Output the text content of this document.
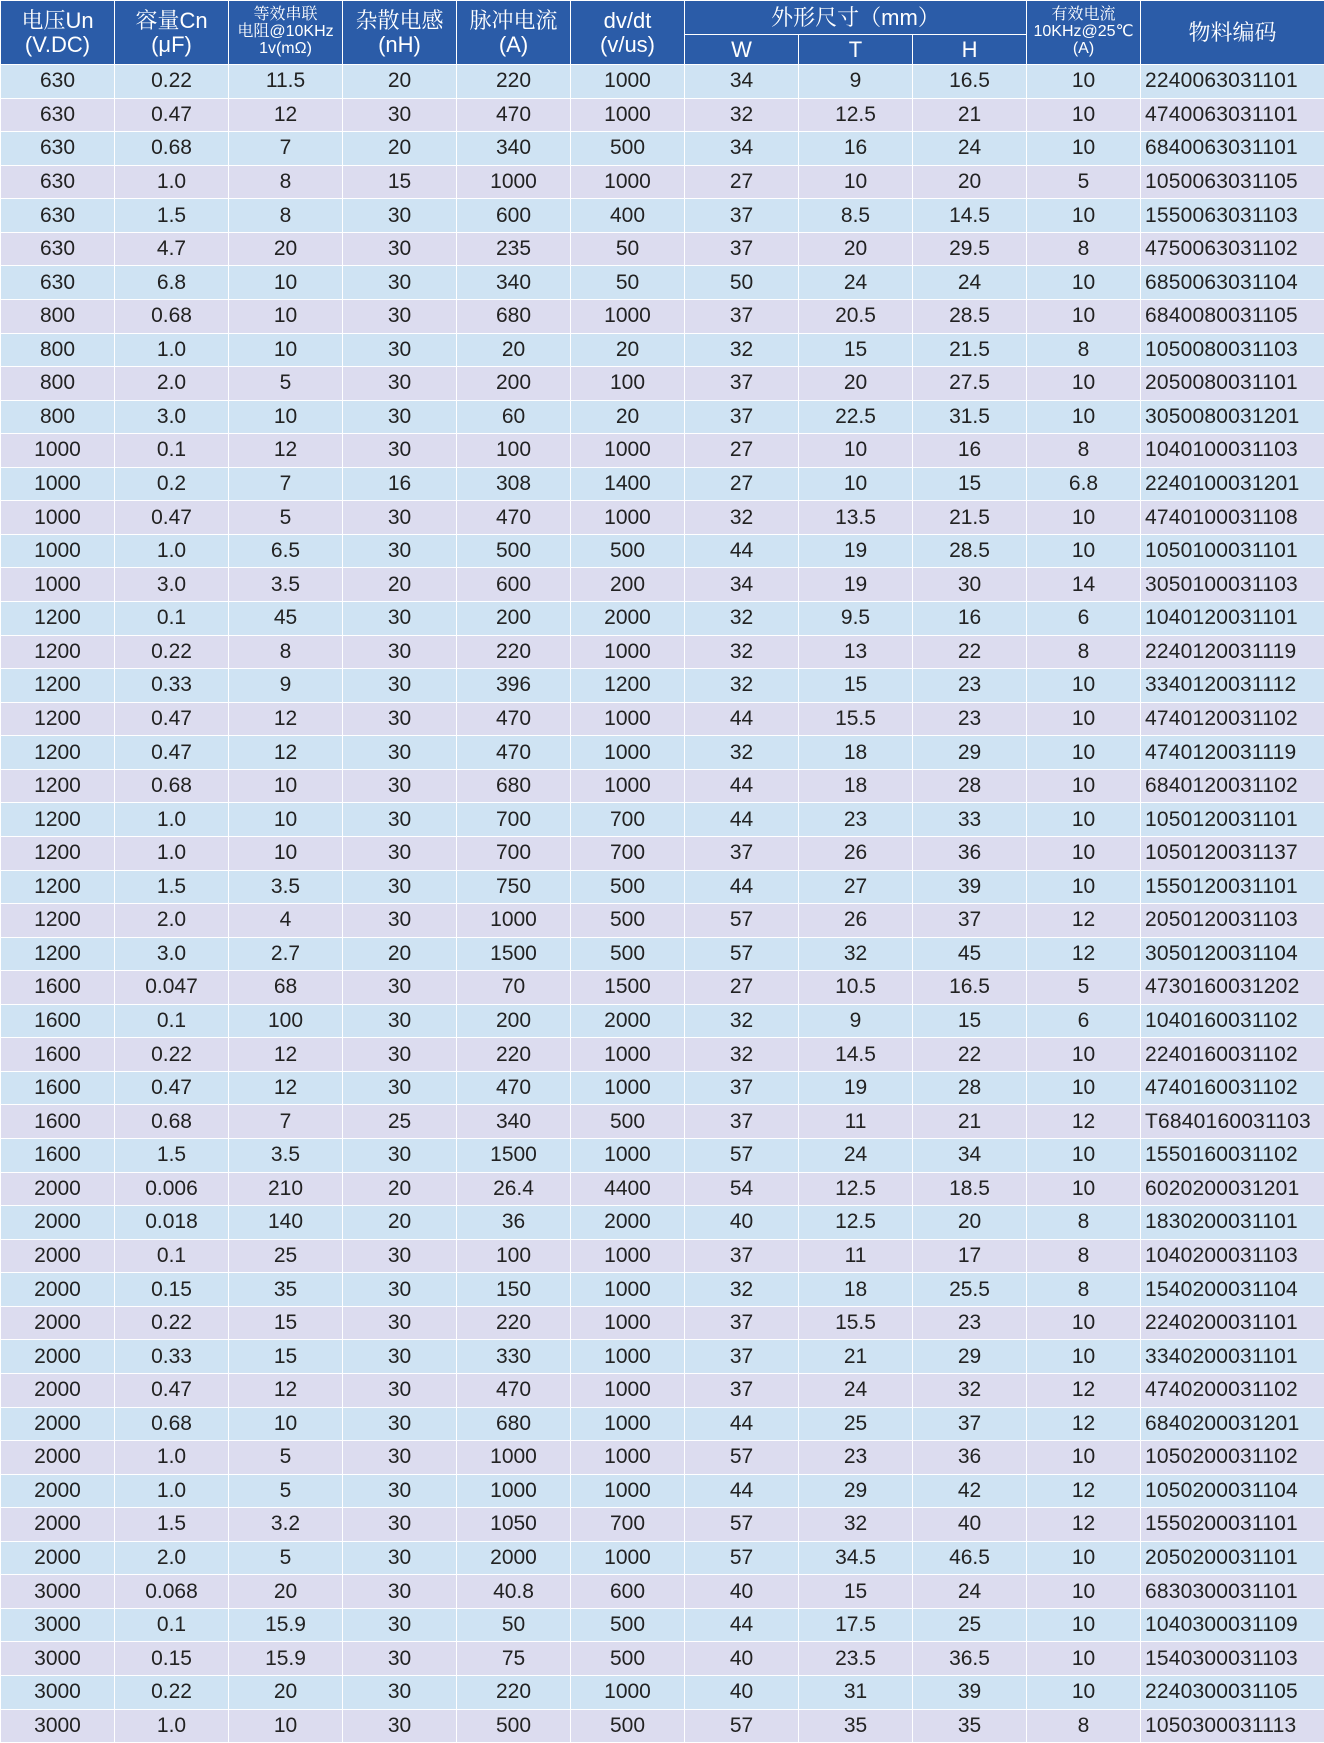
电压Un
(V.DC)	容量Cn
(μF)	等效串联
电阻@10KHz
1v(mΩ)	杂散电感
(nH)	脉冲电流
(A)	dv/dt
(v/us)	外形尺寸（mm）			有效电流
10KHz@25℃
(A)	物料编码
						W	T	H		
630	0.22	11.5	20	220	1000	34	9	16.5	10	2240063031101
630	0.47	12	30	470	1000	32	12.5	21	10	4740063031101
630	0.68	7	20	340	500	34	16	24	10	6840063031101
630	1.0	8	15	1000	1000	27	10	20	5	1050063031105
630	1.5	8	30	600	400	37	8.5	14.5	10	1550063031103
630	4.7	20	30	235	50	37	20	29.5	8	4750063031102
630	6.8	10	30	340	50	50	24	24	10	6850063031104
800	0.68	10	30	680	1000	37	20.5	28.5	10	6840080031105
800	1.0	10	30	20	20	32	15	21.5	8	1050080031103
800	2.0	5	30	200	100	37	20	27.5	10	2050080031101
800	3.0	10	30	60	20	37	22.5	31.5	10	3050080031201
1000	0.1	12	30	100	1000	27	10	16	8	1040100031103
1000	0.2	7	16	308	1400	27	10	15	6.8	2240100031201
1000	0.47	5	30	470	1000	32	13.5	21.5	10	4740100031108
1000	1.0	6.5	30	500	500	44	19	28.5	10	1050100031101
1000	3.0	3.5	20	600	200	34	19	30	14	3050100031103
1200	0.1	45	30	200	2000	32	9.5	16	6	1040120031101
1200	0.22	8	30	220	1000	32	13	22	8	2240120031119
1200	0.33	9	30	396	1200	32	15	23	10	3340120031112
1200	0.47	12	30	470	1000	44	15.5	23	10	4740120031102
1200	0.47	12	30	470	1000	32	18	29	10	4740120031119
1200	0.68	10	30	680	1000	44	18	28	10	6840120031102
1200	1.0	10	30	700	700	44	23	33	10	1050120031101
1200	1.0	10	30	700	700	37	26	36	10	1050120031137
1200	1.5	3.5	30	750	500	44	27	39	10	1550120031101
1200	2.0	4	30	1000	500	57	26	37	12	2050120031103
1200	3.0	2.7	20	1500	500	57	32	45	12	3050120031104
1600	0.047	68	30	70	1500	27	10.5	16.5	5	4730160031202
1600	0.1	100	30	200	2000	32	9	15	6	1040160031102
1600	0.22	12	30	220	1000	32	14.5	22	10	2240160031102
1600	0.47	12	30	470	1000	37	19	28	10	4740160031102
1600	0.68	7	25	340	500	37	11	21	12	T6840160031103
1600	1.5	3.5	30	1500	1000	57	24	34	10	1550160031102
2000	0.006	210	20	26.4	4400	54	12.5	18.5	10	6020200031201
2000	0.018	140	20	36	2000	40	12.5	20	8	1830200031101
2000	0.1	25	30	100	1000	37	11	17	8	1040200031103
2000	0.15	35	30	150	1000	32	18	25.5	8	1540200031104
2000	0.22	15	30	220	1000	37	15.5	23	10	2240200031101
2000	0.33	15	30	330	1000	37	21	29	10	3340200031101
2000	0.47	12	30	470	1000	37	24	32	12	4740200031102
2000	0.68	10	30	680	1000	44	25	37	12	6840200031201
2000	1.0	5	30	1000	1000	57	23	36	10	1050200031102
2000	1.0	5	30	1000	1000	44	29	42	12	1050200031104
2000	1.5	3.2	30	1050	700	57	32	40	12	1550200031101
2000	2.0	5	30	2000	1000	57	34.5	46.5	10	2050200031101
3000	0.068	20	30	40.8	600	40	15	24	10	6830300031101
3000	0.1	15.9	30	50	500	44	17.5	25	10	1040300031109
3000	0.15	15.9	30	75	500	40	23.5	36.5	10	1540300031103
3000	0.22	20	30	220	1000	40	31	39	10	2240300031105
3000	1.0	10	30	500	500	57	35	35	8	1050300031113
